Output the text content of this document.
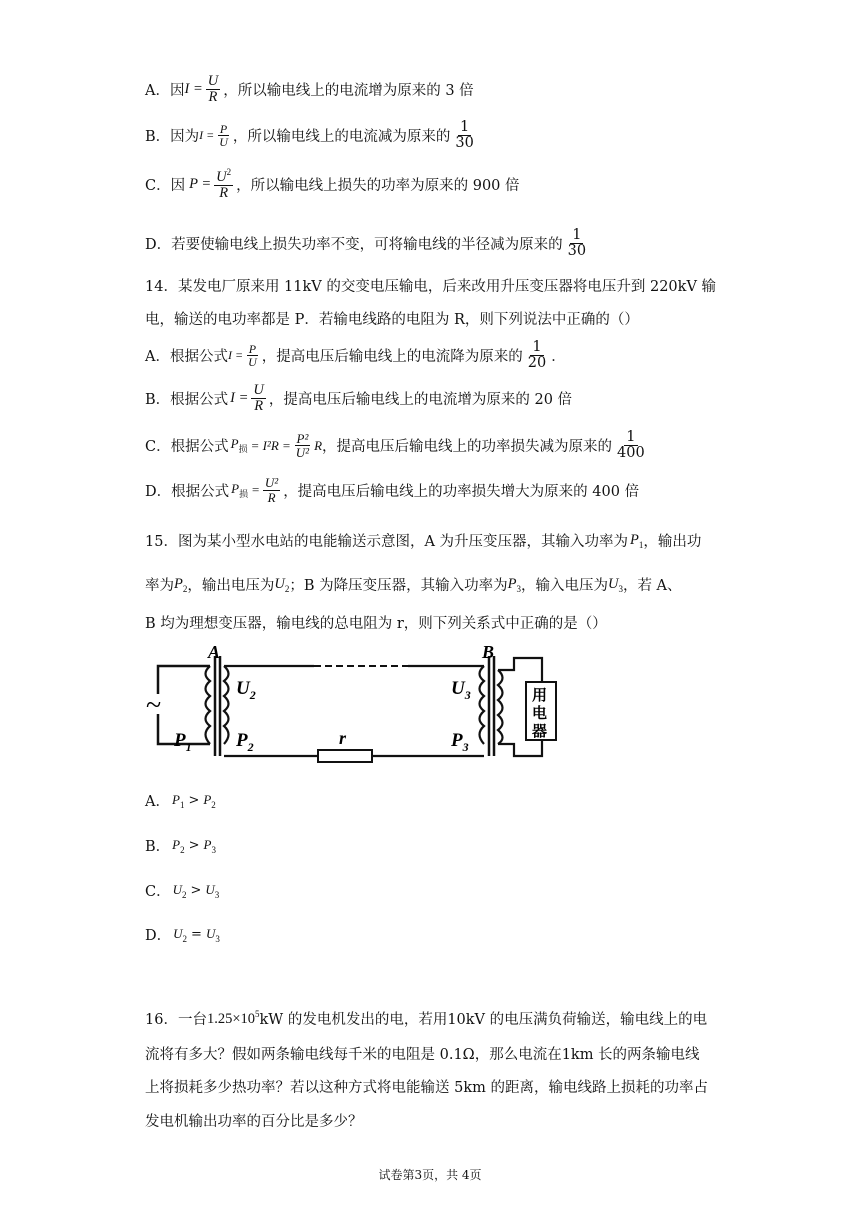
A．因 $I = \frac{U}{R}$ ，所以输电线上的电流增为原来的 3 倍
B．因为 $I = \frac{P}{U}$ ，所以输电线上的电流减为原来的 $\frac{1}{30}$
C．因 $P = \frac{U^2}{R}$ ，所以输电线上损失的功率为原来的 900 倍
D．若要使输电线上损失功率不变，可将输电线的半径减为原来的 $\frac{1}{30}$
14．某发电厂原来用 11kV 的交变电压输电，后来改用升压变压器将电压升到 220kV 输
电，输送的电功率都是 P．若输电线路的电阻为 R，则下列说法中正确的（）
A．根据公式 $I = \frac{P}{U}$ ，提高电压后输电线上的电流降为原来的 $\frac{1}{20}$ ．
B．根据公式 $I = \frac{U}{R}$ ，提高电压后输电线上的电流增为原来的 20 倍
C．根据公式 $P_损 = I^2R = \frac{\text{P²}}{\text{U²}}$ R ，提高电压后输电线上的功率损失减为原来的 $\frac{1}{400}$
D．根据公式 $P_损 = \frac{\text{U²}}{R}$ ，提高电压后输电线上的功率损失增大为原来的 400 倍
15．图为某小型水电站的电能输送示意图，A 为升压变压器，其输入功率为 $P_1$ ，输出功
率为 $P_2$ ，输出电压为 $U_2$ ；B 为降压变压器，其输入功率为 $P_3$ ，输入电压为 $U_3$ ，若 A、
B 均为理想变压器，输电线的总电阻为 r，则下列关系式中正确的是（）
~
A
r
B
用
电
器
$U_2$
$P_2$
$P_1$
$U_3$
$P_3$
A． $P_1 > P_2$
B． $P_2 > P_3$
C． $U_2 > U_3$
D． $U_2 = U_3$
16．一台 $1.25\times 10^5$ kW 的发电机发出的电，若用10kV 的电压满负荷输送，输电线上的电
流将有多大？假如两条输电线每千米的电阻是 0.1Ω，那么电流在1km 长的两条输电线
上将损耗多少热功率？若以这种方式将电能输送 5km 的距离，输电线路上损耗的功率占
发电机输出功率的百分比是多少？
试卷第3页，共 4页
